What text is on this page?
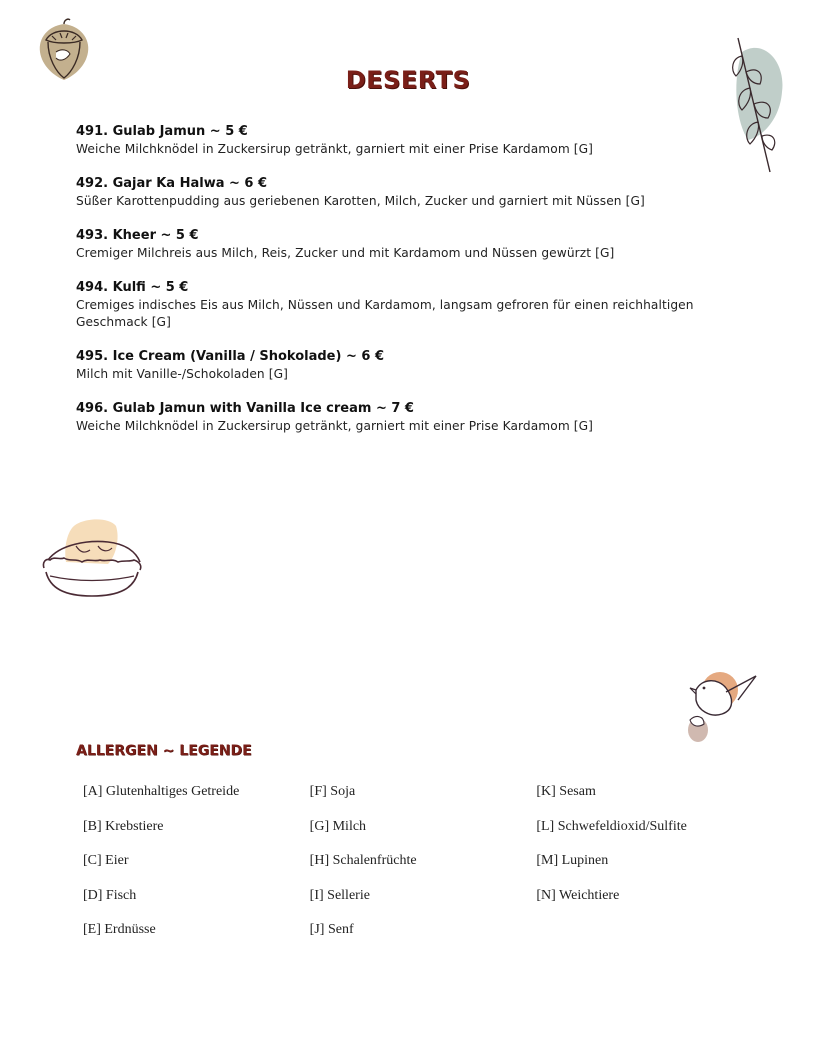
DESERTS
491. Gulab Jamun ~ 5 €
Weiche Milchknödel in Zuckersirup getränkt, garniert mit einer Prise Kardamom [G]
492. Gajar Ka Halwa ~ 6 €
Süßer Karottenpudding aus geriebenen Karotten, Milch, Zucker und garniert mit Nüssen [G]
493. Kheer ~ 5 €
Cremiger Milchreis aus Milch, Reis, Zucker und mit Kardamom und Nüssen gewürzt [G]
494. Kulfi ~ 5 €
Cremiges indisches Eis aus Milch, Nüssen und Kardamom, langsam gefroren für einen reichhaltigen Geschmack [G]
495. Ice Cream (Vanilla / Shokolade) ~ 6 €
Milch mit Vanille-/Schokoladen [G]
496. Gulab Jamun with Vanilla Ice cream ~ 7 €
Weiche Milchknödel in Zuckersirup getränkt, garniert mit einer Prise Kardamom [G]
ALLERGEN ~ LEGENDE
[A] Glutenhaltiges Getreide	[F] Soja	[K] Sesam
[B] Krebstiere	[G] Milch	[L] Schwefeldioxid/Sulfite
[C] Eier	[H] Schalenfrüchte	[M] Lupinen
[D] Fisch	[I] Sellerie	[N] Weichtiere
[E] Erdnüsse	[J] Senf
